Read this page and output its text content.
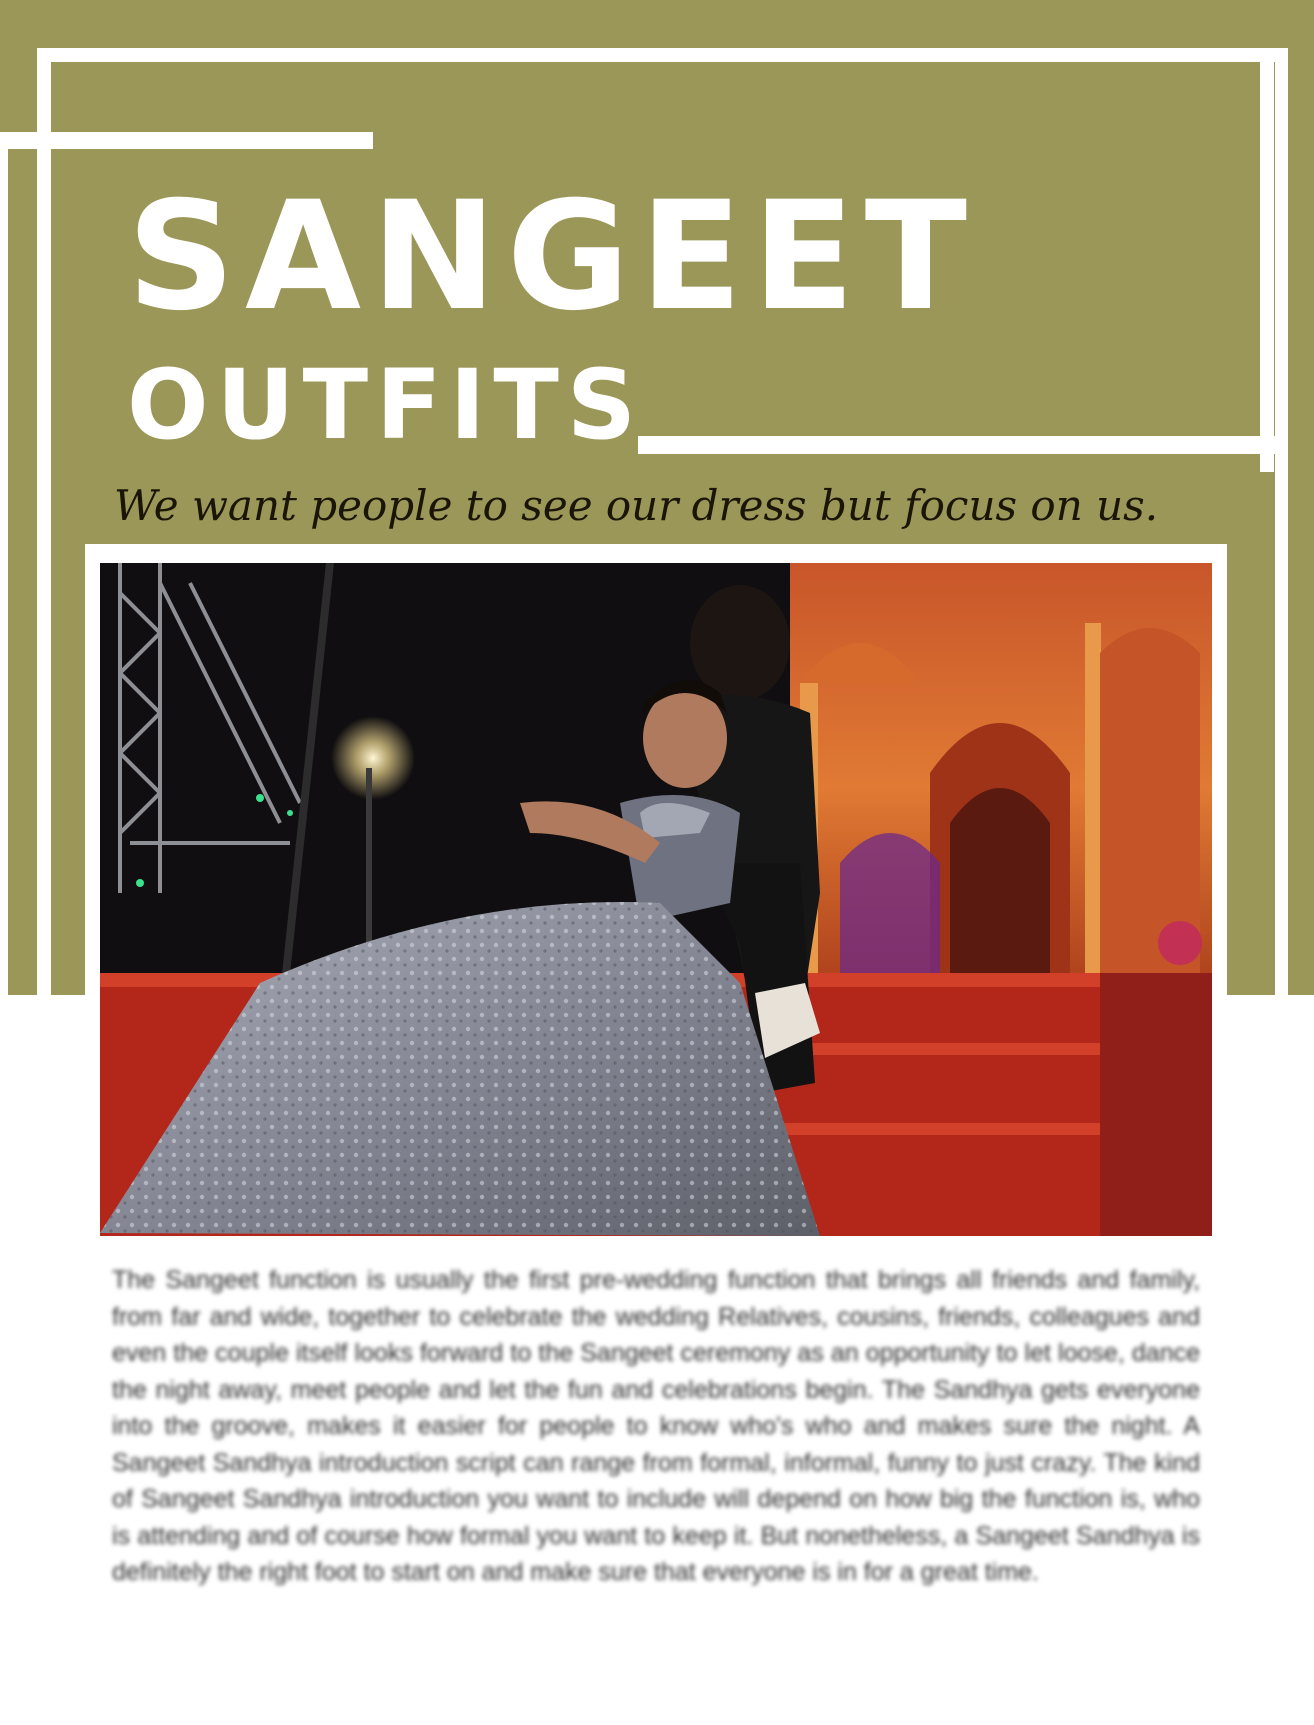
SANGEET
OUTFITS

We want people to see our dress but focus on us.

The Sangeet function is usually the first pre-wedding function that brings all friends and family, from far and wide, together to celebrate the wedding Relatives, cousins, friends, colleagues and even the couple itself looks forward to the Sangeet ceremony as an opportunity to let loose, dance the night away, meet people and let the fun and celebrations begin. The Sandhya gets everyone into the groove, makes it easier for people to know who's who and makes sure the night. A Sangeet Sandhya introduction script can range from formal, informal, funny to just crazy. The kind of Sangeet Sandhya introduction you want to include will depend on how big the function is, who is attending and of course how formal you want to keep it. But nonetheless, a Sangeet Sandhya is definitely the right foot to start on and make sure that everyone is in for a great time.
